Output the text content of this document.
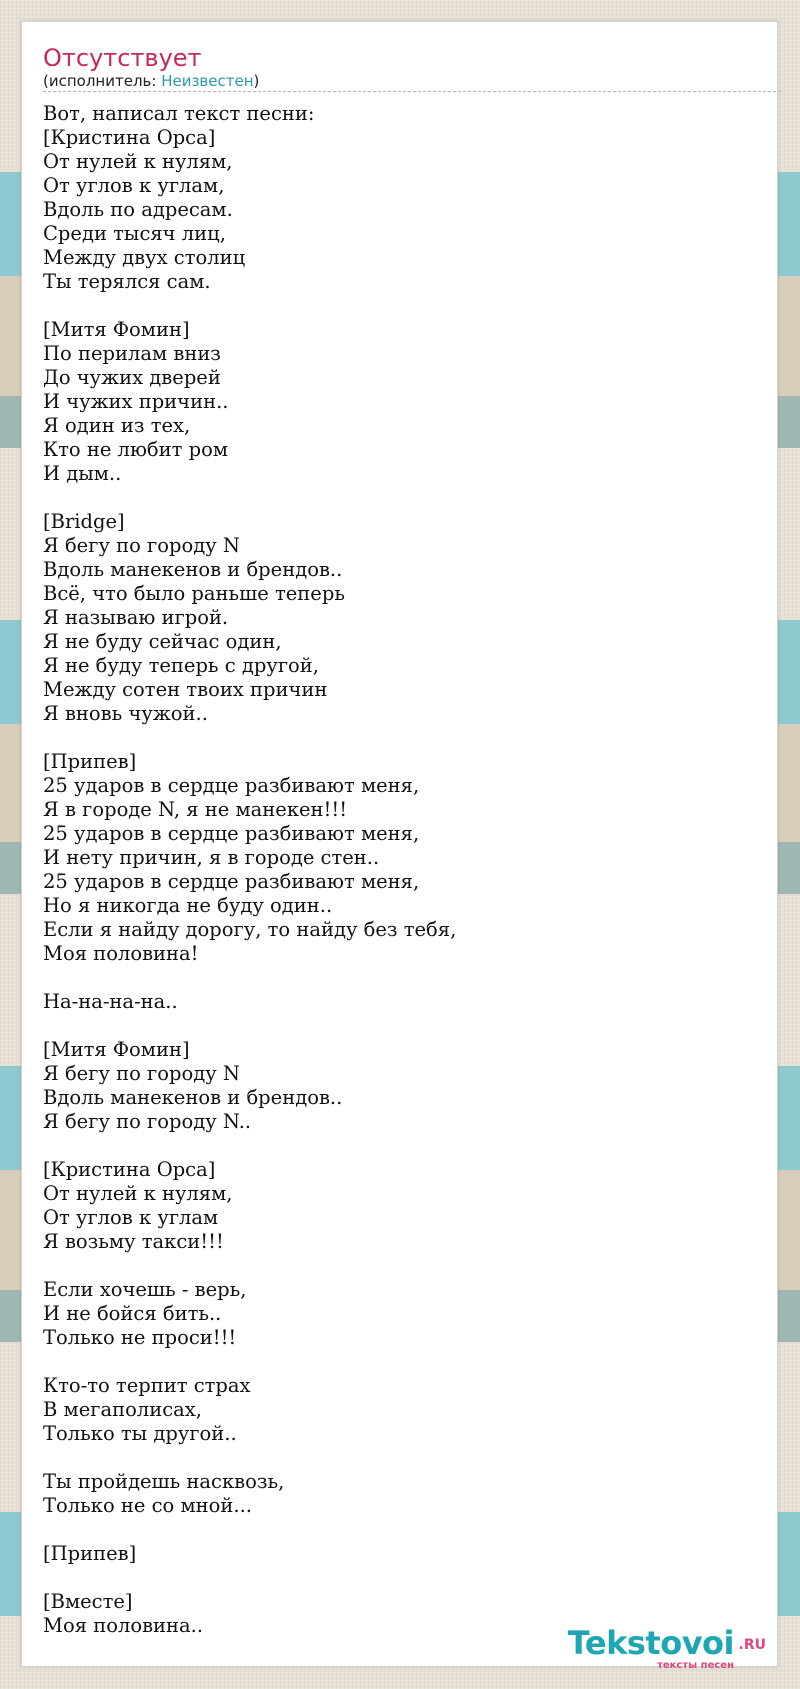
Отсутствует
(исполнитель: Неизвестен)
Вот, написал текст песни:
[Кристина Орса]
От нулей к нулям,
От углов к углам,
Вдоль по адресам.
Среди тысяч лиц,
Между двух столиц
Ты терялся сам.

[Митя Фомин]
По перилам вниз
До чужих дверей
И чужих причин..
Я один из тех,
Кто не любит ром
И дым..

[Bridge]
Я бегу по городу N
Вдоль манекенов и брендов..
Всё, что было раньше теперь
Я называю игрой.
Я не буду сейчас один,
Я не буду теперь с другой,
Между сотен твоих причин
Я вновь чужой..

[Припев]
25 ударов в сердце разбивают меня,
Я в городе N, я не манекен!!!
25 ударов в сердце разбивают меня,
И нету причин, я в городе стен..
25 ударов в сердце разбивают меня,
Но я никогда не буду один..
Если я найду дорогу, то найду без тебя,
Моя половина!

На-на-на-на..

[Митя Фомин]
Я бегу по городу N
Вдоль манекенов и брендов..
Я бегу по городу N..

[Кристина Орса]
От нулей к нулям,
От углов к углам
Я возьму такси!!!

Если хочешь - верь,
И не бойся бить..
Только не проси!!!

Кто-то терпит страх
В мегаполисах,
Только ты другой..

Ты пройдешь насквозь,
Только не со мной...

[Припев]

[Вместе]
Моя половина..	Tekstovoi .RU
тексты песен
